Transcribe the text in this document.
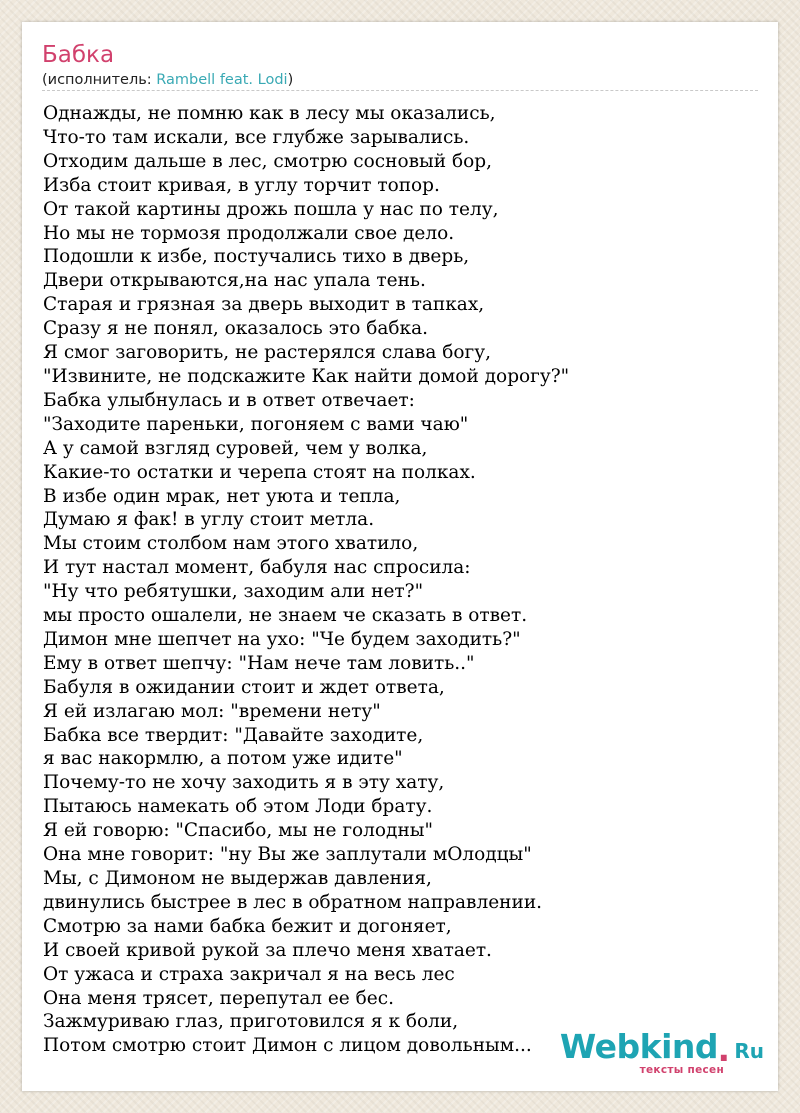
Бабка
(исполнитель: Rambell feat. Lodi)
Однажды, не помню как в лесу мы оказались,
Что-то там искали, все глубже зарывались.
Отходим дальше в лес, смотрю сосновый бор,
Изба стоит кривая, в углу торчит топор.
От такой картины дрожь пошла у нас по телу,
Но мы не тормозя продолжали свое дело.
Подошли к избе, постучались тихо в дверь,
Двери открываются,на нас упала тень.
Старая и грязная за дверь выходит в тапках,
Сразу я не понял, оказалось это бабка.
Я смог заговорить, не растерялся слава богу,
"Извините, не подскажите Как найти домой дорогу?"
Бабка улыбнулась и в ответ отвечает:
"Заходите пареньки, погоняем с вами чаю"
А у самой взгляд суровей, чем у волка,
Какие-то остатки и черепа стоят на полках.
В избе один мрак, нет уюта и тепла,
Думаю я фак! в углу стоит метла.
Мы стоим столбом нам этого хватило,
И тут настал момент, бабуля нас спросила:
"Ну что ребятушки, заходим али нет?"
мы просто ошалели, не знаем че сказать в ответ.
Димон мне шепчет на ухо: "Че будем заходить?"
Ему в ответ шепчу: "Нам нече там ловить.."
Бабуля в ожидании стоит и ждет ответа,
Я ей излагаю мол: "времени нету"
Бабка все твердит: "Давайте заходите,
я вас накормлю, а потом уже идите"
Почему-то не хочу заходить я в эту хату,
Пытаюсь намекать об этом Лоди брату.
Я ей говорю: "Спасибо, мы не голодны"
Она мне говорит: "ну Вы же заплутали мОлодцы"
Мы, с Димоном не выдержав давления,
двинулись быстрее в лес в обратном направлении.
Смотрю за нами бабка бежит и догоняет,
И своей кривой рукой за плечо меня хватает.
От ужаса и страха закричал я на весь лес
Она меня трясет, перепутал ее бес.
Зажмуриваю глаз, приготовился я к боли,
Потом смотрю стоит Димон с лицом довольным... Webkind . Ru
тексты песен
